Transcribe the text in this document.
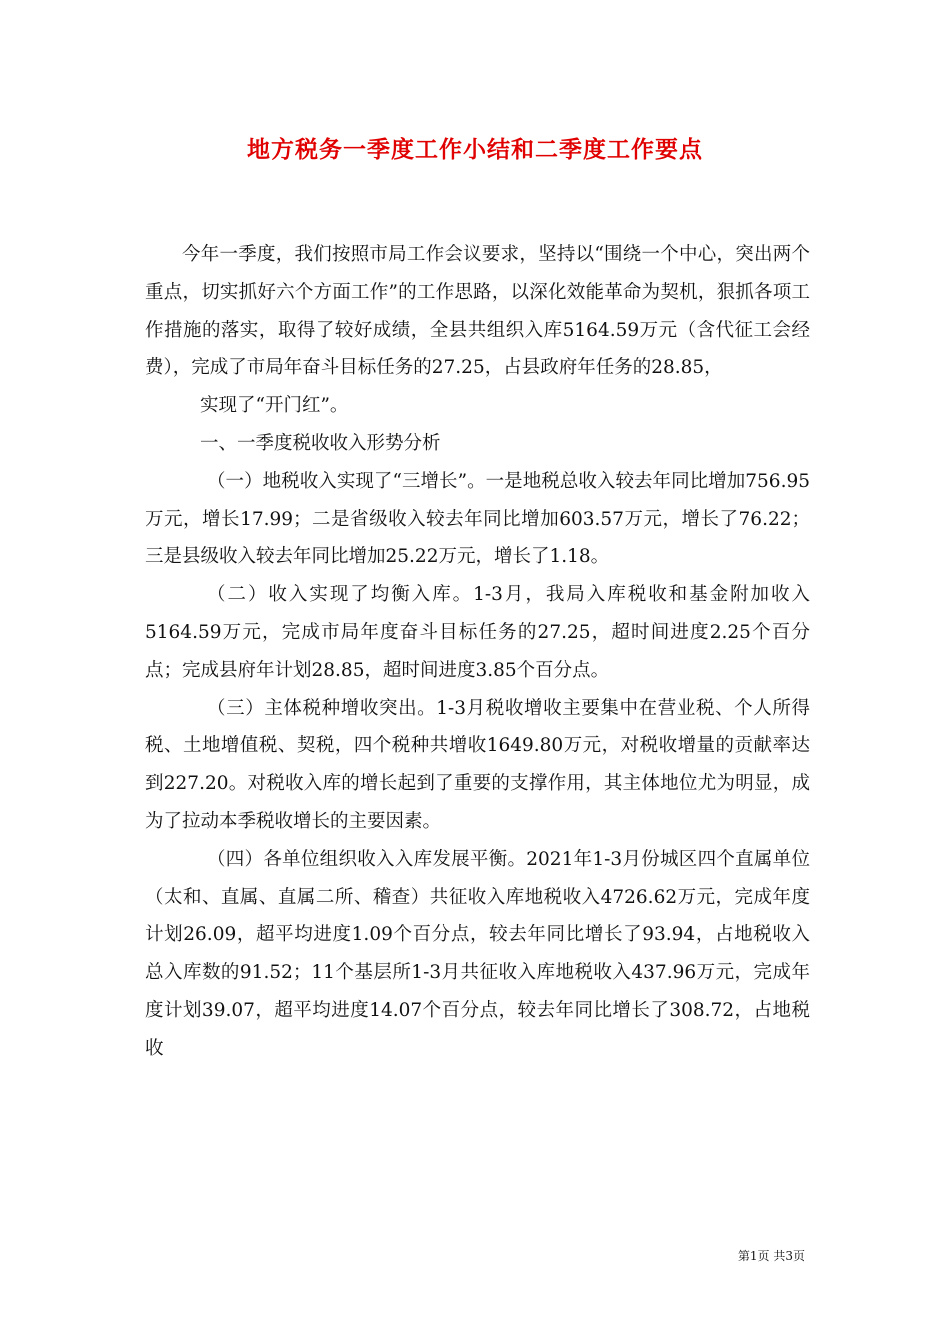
地方税务一季度工作小结和二季度工作要点

今年一季度，我们按照市局工作会议要求，坚持以“围绕一个中心，突出两个重点，切实抓好六个方面工作”的工作思路，以深化效能革命为契机，狠抓各项工作措施的落实，取得了较好成绩，全县共组织入库5164.59万元（含代征工会经费），完成了市局年奋斗目标任务的27.25，占县政府年任务的28.85，

实现了“开门红”。

一、一季度税收收入形势分析

（一）地税收入实现了“三增长”。一是地税总收入较去年同比增加756.95万元，增长17.99；二是省级收入较去年同比增加603.57万元，增长了76.22；三是县级收入较去年同比增加25.22万元，增长了1.18。

（二）收入实现了均衡入库。1-3月，我局入库税收和基金附加收入5164.59万元，完成市局年度奋斗目标任务的27.25，超时间进度2.25个百分点；完成县府年计划28.85，超时间进度3.85个百分点。

（三）主体税种增收突出。1-3月税收增收主要集中在营业税、个人所得税、土地增值税、契税，四个税种共增收1649.80万元，对税收增量的贡献率达到227.20。对税收入库的增长起到了重要的支撑作用，其主体地位尤为明显，成为了拉动本季税收增长的主要因素。

（四）各单位组织收入入库发展平衡。2021年1-3月份城区四个直属单位（太和、直属、直属二所、稽查）共征收入库地税收入4726.62万元，完成年度计划26.09，超平均进度1.09个百分点，较去年同比增长了93.94，占地税收入总入库数的91.52；11个基层所1-3月共征收入库地税收入437.96万元，完成年度计划39.07，超平均进度14.07个百分点，较去年同比增长了308.72，占地税收

第1页 共3页
